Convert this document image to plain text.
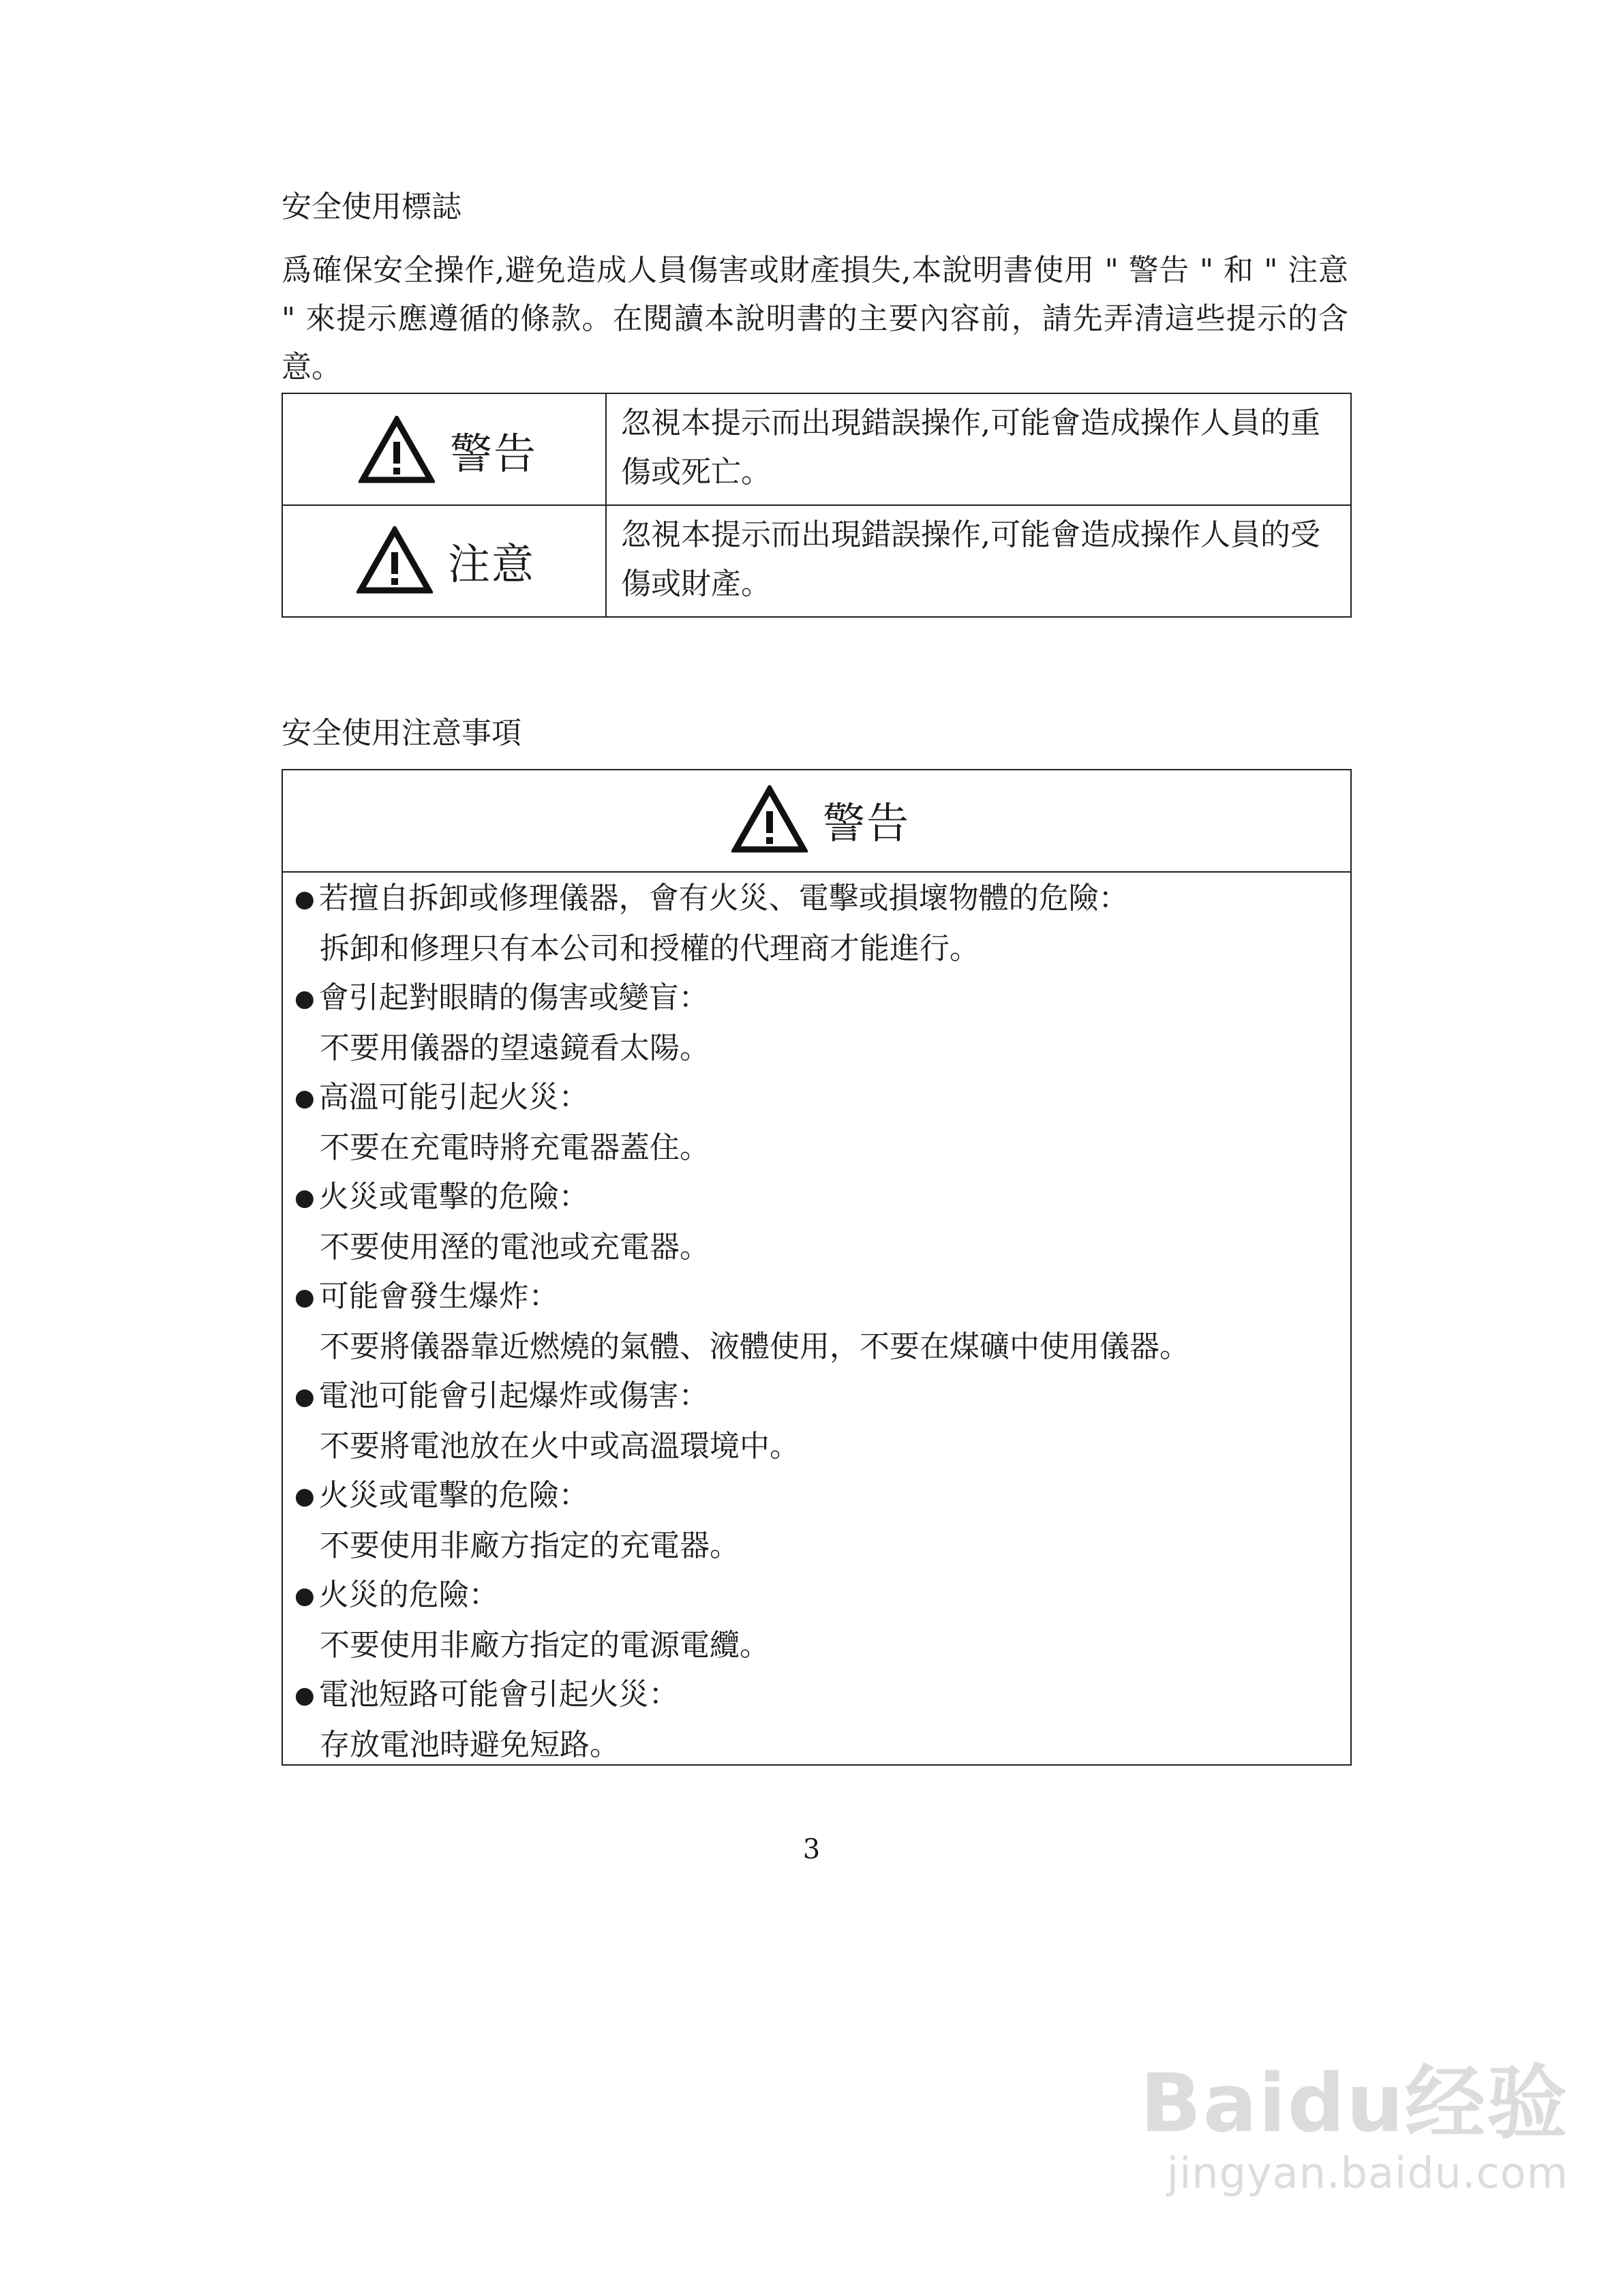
安全使用標誌
爲確保安全操作,避免造成人員傷害或財產損失,本說明書使用 " 警告 " 和 " 注意 " 來提示應遵循的條款。在閱讀本說明書的主要內容前，請先弄清這些提示的含意。
警告
忽視本提示而出現錯誤操作,可能會造成操作人員的重傷或死亡。
注意
忽視本提示而出現錯誤操作,可能會造成操作人員的受傷或財產。
安全使用注意事項
警告
● 若擅自拆卸或修理儀器，會有火災、電擊或損壞物體的危險：
拆卸和修理只有本公司和授權的代理商才能進行。
● 會引起對眼睛的傷害或變盲：
不要用儀器的望遠鏡看太陽。
● 高溫可能引起火災：
不要在充電時將充電器蓋住。
● 火災或電擊的危險：
不要使用溼的電池或充電器。
● 可能會發生爆炸：
不要將儀器靠近燃燒的氣體、液體使用，不要在煤礦中使用儀器。
● 電池可能會引起爆炸或傷害：
不要將電池放在火中或高溫環境中。
● 火災或電擊的危險：
不要使用非廠方指定的充電器。
● 火災的危險：
不要使用非廠方指定的電源電纜。
● 電池短路可能會引起火災：
存放電池時避免短路。
3
Baidu经验
jingyan.baidu.com
